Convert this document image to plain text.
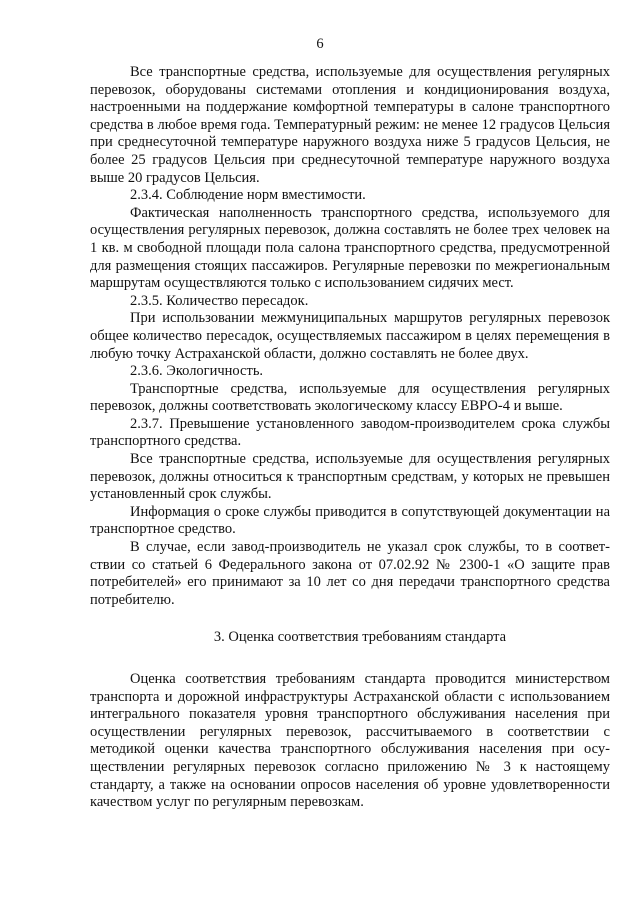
6

Все транспортные средства, используемые для осуществления регулярных перевозок, оборудованы системами отопления и кондиционирования воздуха, настроенными на поддержание комфортной температуры в салоне транспортного средства в любое время года. Температурный режим: не менее 12 градусов Цельсия при среднесуточной температуре наружного воздуха ниже 5 градусов Цельсия, не более 25 градусов Цельсия при среднесуточной температуре наружного воздуха выше 20 градусов Цельсия.

2.3.4. Соблюдение норм вместимости.

Фактическая наполненность транспортного средства, используемого для осуществления регулярных перевозок, должна составлять не более трех человек на 1 кв. м свободной площади пола салона транспортного средства, предусмотренной для размещения стоящих пассажиров. Регулярные перевозки по межрегиональным маршрутам осуществляются только с использованием сидячих мест.

2.3.5. Количество пересадок.

При использовании межмуниципальных маршрутов регулярных перевозок общее количество пересадок, осуществляемых пассажиром в целях перемещения в любую точку Астраханской области, должно составлять не более двух.

2.3.6. Экологичность.

Транспортные средства, используемые для осуществления регулярных перевозок, должны соответствовать экологическому классу ЕВРО-4 и выше.

2.3.7. Превышение установленного заводом-производителем срока службы транспортного средства.

Все транспортные средства, используемые для осуществления регулярных перевозок, должны относиться к транспортным средствам, у которых не превышен установленный срок службы.

Информация о сроке службы приводится в сопутствующей документации на транспортное средство.

В случае, если завод-производитель не указал срок службы, то в соответствии со статьей 6 Федерального закона от 07.02.92 № 2300-1 «О защите прав потребителей» его принимают за 10 лет со дня передачи транспортного средства потребителю.

3. Оценка соответствия требованиям стандарта

Оценка соответствия требованиям стандарта проводится министерством транспорта и дорожной инфраструктуры Астраханской области с использованием интегрального показателя уровня транспортного обслуживания населения при осуществлении регулярных перевозок, рассчитываемого в соответствии с методикой оценки качества транспортного обслуживания населения при осуществлении регулярных перевозок согласно приложению № 3 к настоящему стандарту, а также на основании опросов населения об уровне удовлетворенности качеством услуг по регулярным перевозкам.
